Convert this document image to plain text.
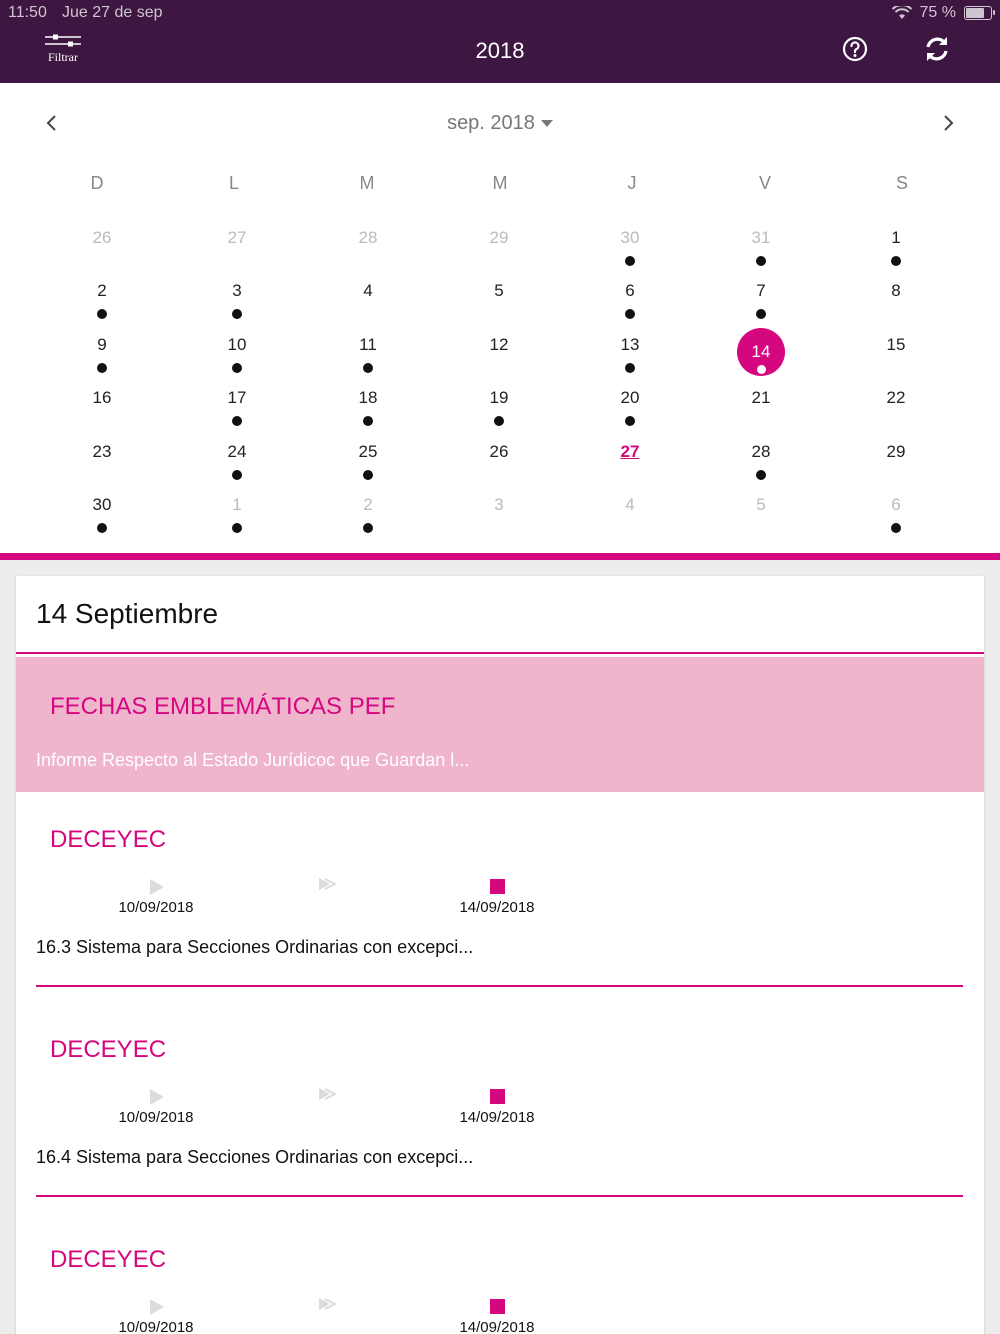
11:50 Jue 27 de sep	75 %
Filtrar	2018
sep. 2018
D	L	M	M	J	V	S
26	27	28	29	30	31	1
2	3	4	5	6	7	8
9	10	11	12	13	14	15
16	17	18	19	20	21	22
23	24	25	26	27	28	29
30	1	2	3	4	5	6
14 Septiembre
FECHAS EMBLEMÁTICAS PEF
Informe Respecto al Estado Jurídicoc que Guardan l...
DECEYEC
10/09/2018	14/09/2018
16.3 Sistema para Secciones Ordinarias con excepci...
DECEYEC
10/09/2018	14/09/2018
16.4 Sistema para Secciones Ordinarias con excepci...
DECEYEC
10/09/2018	14/09/2018
